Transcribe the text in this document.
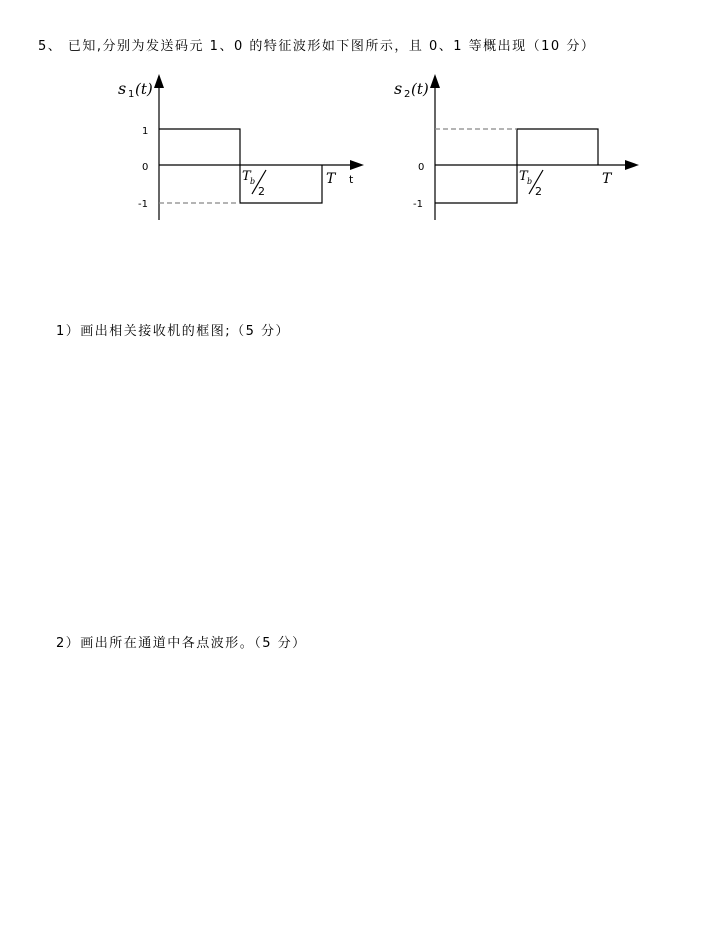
5、 已知,分别为发送码元 1、0 的特征波形如下图所示，且 0、1 等概出现（10 分）
s 1 (t)
1
0
-1
T b
2
T t
s 2 (t)
0
-1
T b
2
T
1）画出相关接收机的框图;（5 分）
2）画出所在通道中各点波形。（5 分）
